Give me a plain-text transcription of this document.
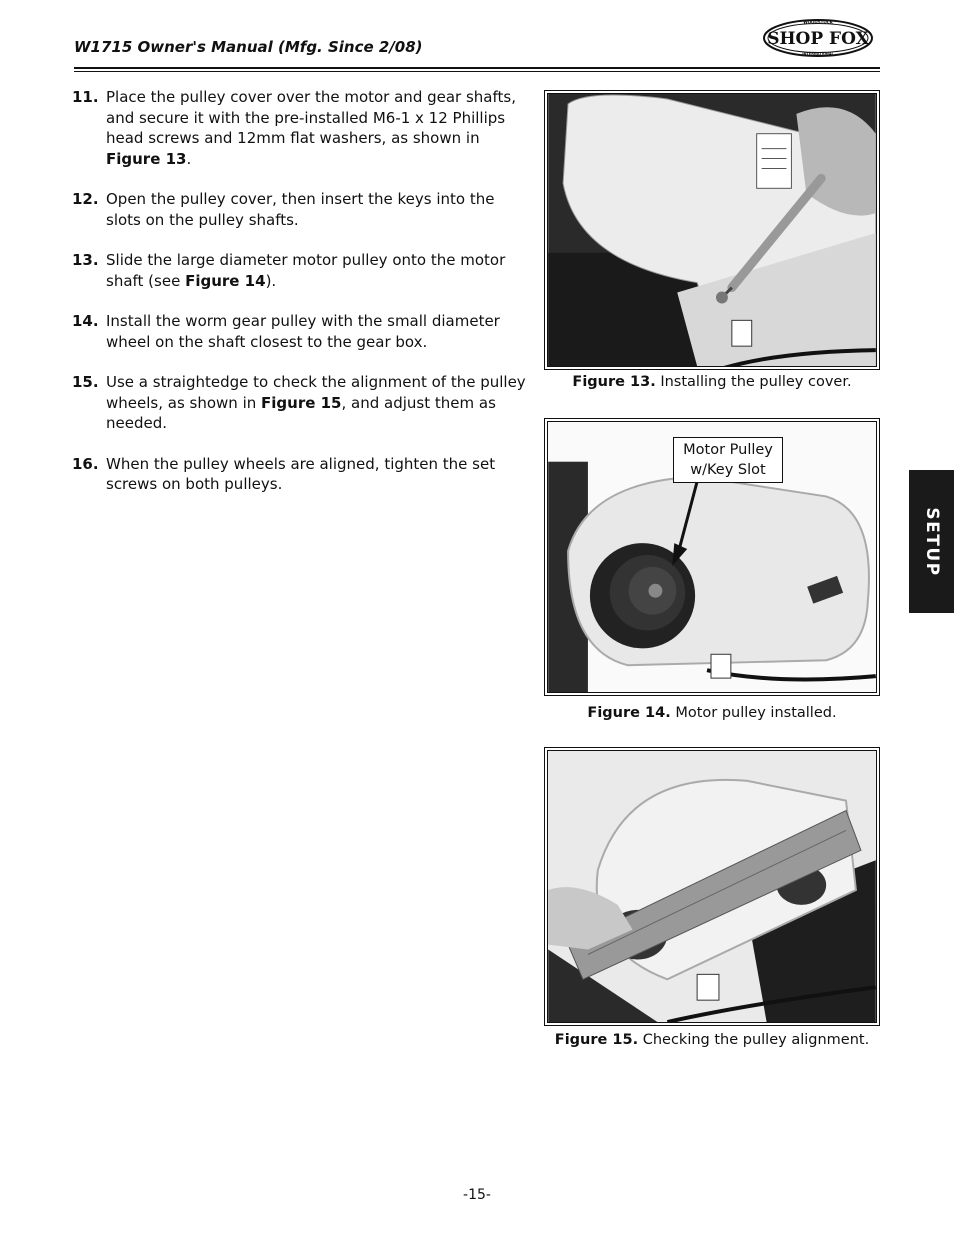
W1715 Owner's Manual (Mfg. Since 2/08)
WOODSTOCK
SHOP FOX
INTERNATIONAL
11. Place the pulley cover over the motor and gear shafts, and secure it with the pre-installed M6-1 x 12 Phillips head screws and 12mm flat washers, as shown in Figure 13.
12. Open the pulley cover, then insert the keys into the slots on the pulley shafts.
13. Slide the large diameter motor pulley onto the motor shaft (see Figure 14).
14. Install the worm gear pulley with the small diameter wheel on the shaft closest to the gear box.
15. Use a straightedge to check the alignment of the pulley wheels, as shown in Figure 15, and adjust them as needed.
16. When the pulley wheels are aligned, tighten the set screws on both pulleys.
Figure 13. Installing the pulley cover.
Motor Pulley
w/Key Slot
Figure 14. Motor pulley installed.
Figure 15. Checking the pulley alignment.
SETUP
-15-
